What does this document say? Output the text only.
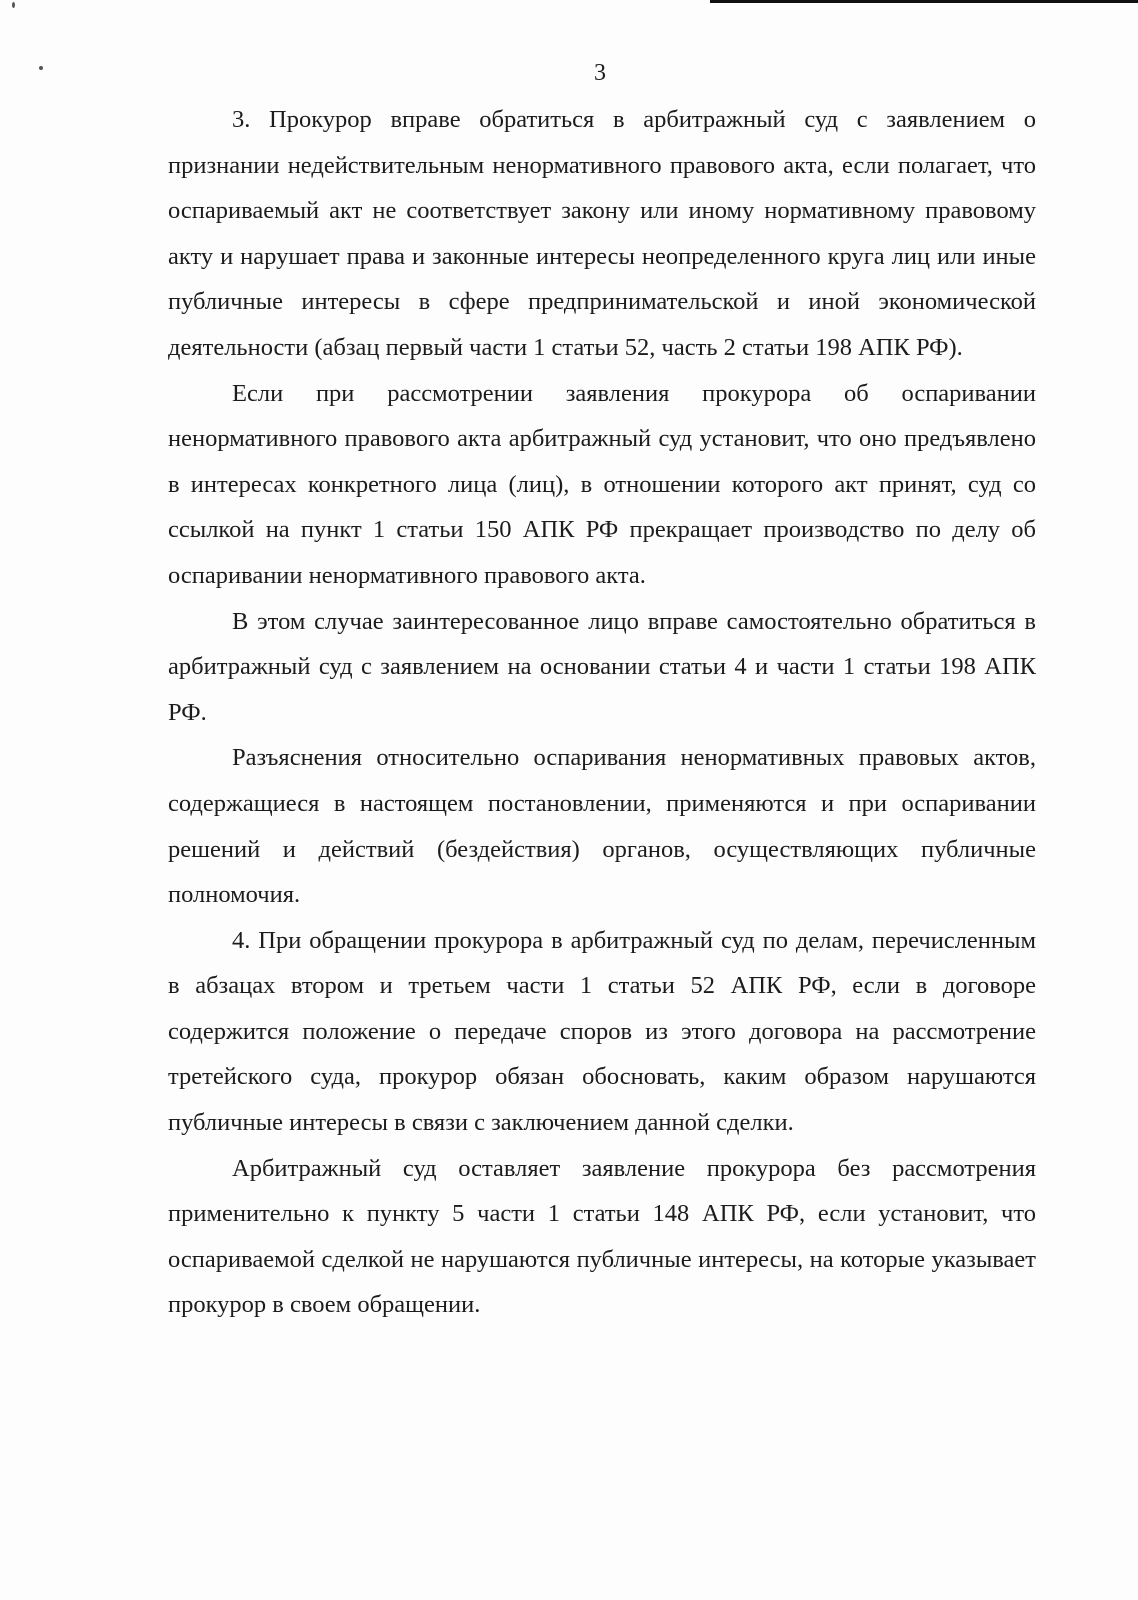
3

3. Прокурор вправе обратиться в арбитражный суд с заявлением о признании недействительным ненормативного правового акта, если полагает, что оспариваемый акт не соответствует закону или иному нормативному правовому акту и нарушает права и законные интересы неопределенного круга лиц или иные публичные интересы в сфере предпринимательской и иной экономической деятельности (абзац первый части 1 статьи 52, часть 2 статьи 198 АПК РФ).

Если при рассмотрении заявления прокурора об оспаривании ненормативного правового акта арбитражный суд установит, что оно предъявлено в интересах конкретного лица (лиц), в отношении которого акт принят, суд со ссылкой на пункт 1 статьи 150 АПК РФ прекращает производство по делу об оспаривании ненормативного правового акта.

В этом случае заинтересованное лицо вправе самостоятельно обратиться в арбитражный суд с заявлением на основании статьи 4 и части 1 статьи 198 АПК РФ.

Разъяснения относительно оспаривания ненормативных правовых актов, содержащиеся в настоящем постановлении, применяются и при оспаривании решений и действий (бездействия) органов, осуществляющих публичные полномочия.

4. При обращении прокурора в арбитражный суд по делам, перечисленным в абзацах втором и третьем части 1 статьи 52 АПК РФ, если в договоре содержится положение о передаче споров из этого договора на рассмотрение третейского суда, прокурор обязан обосновать, каким образом нарушаются публичные интересы в связи с заключением данной сделки.

Арбитражный суд оставляет заявление прокурора без рассмотрения применительно к пункту 5 части 1 статьи 148 АПК РФ, если установит, что оспариваемой сделкой не нарушаются публичные интересы, на которые указывает прокурор в своем обращении.
